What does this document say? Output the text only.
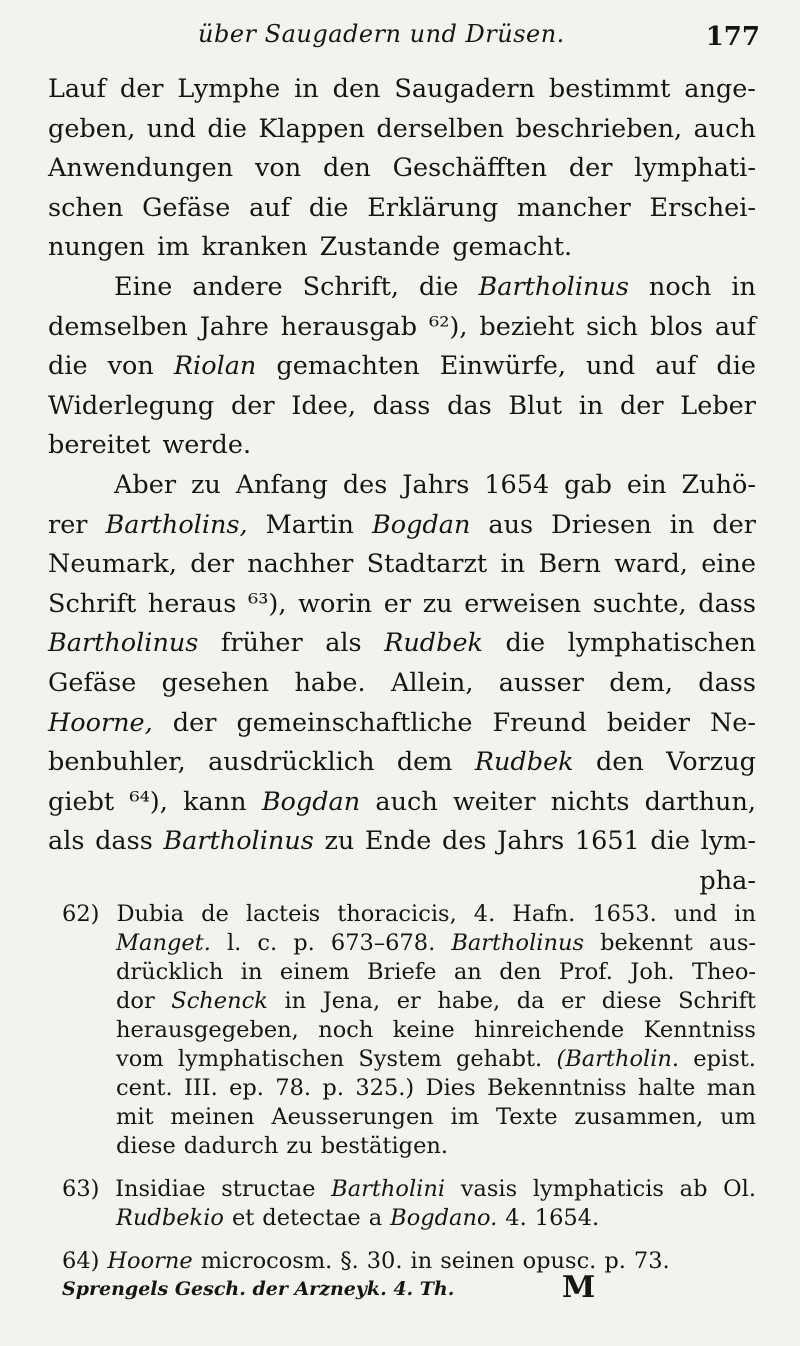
über Saugadern und Drüsen.	177
Lauf der Lymphe in den Saugadern bestimmt ange-
geben, und die Klappen derselben beschrieben, auch
Anwendungen von den Geschäfften der lymphati-
schen Gefäse auf die Erklärung mancher Erschei-
nungen im kranken Zustande gemacht.
Eine andere Schrift, die Bartholinus noch in
demselben Jahre herausgab ⁶²), bezieht sich blos auf
die von Riolan gemachten Einwürfe, und auf die
Widerlegung der Idee, dass das Blut in der Leber
bereitet werde.
Aber zu Anfang des Jahrs 1654 gab ein Zuhö-
rer Bartholins, Martin Bogdan aus Driesen in der
Neumark, der nachher Stadtarzt in Bern ward, eine
Schrift heraus ⁶³), worin er zu erweisen suchte, dass
Bartholinus früher als Rudbek die lymphatischen
Gefäse gesehen habe. Allein, ausser dem, dass
Hoorne, der gemeinschaftliche Freund beider Ne-
benbuhler, ausdrücklich dem Rudbek den Vorzug
giebt ⁶⁴), kann Bogdan auch weiter nichts darthun,
als dass Bartholinus zu Ende des Jahrs 1651 die lym-
pha-
62) Dubia de lacteis thoracicis, 4. Hafn. 1653. und in
Manget. l. c. p. 673–678. Bartholinus bekennt aus-
drücklich in einem Briefe an den Prof. Joh. Theo-
dor Schenck in Jena, er habe, da er diese Schrift
herausgegeben, noch keine hinreichende Kenntniss
vom lymphatischen System gehabt. (Bartholin. epist.
cent. III. ep. 78. p. 325.) Dies Bekenntniss halte man
mit meinen Aeusserungen im Texte zusammen, um
diese dadurch zu bestätigen.
63) Insidiae structae Bartholini vasis lymphaticis ab Ol.
Rudbekio et detectae a Bogdano. 4. 1654.
64) Hoorne microcosm. §. 30. in seinen opusc. p. 73.
Sprengels Gesch. der Arzneyk. 4. Th.	M
